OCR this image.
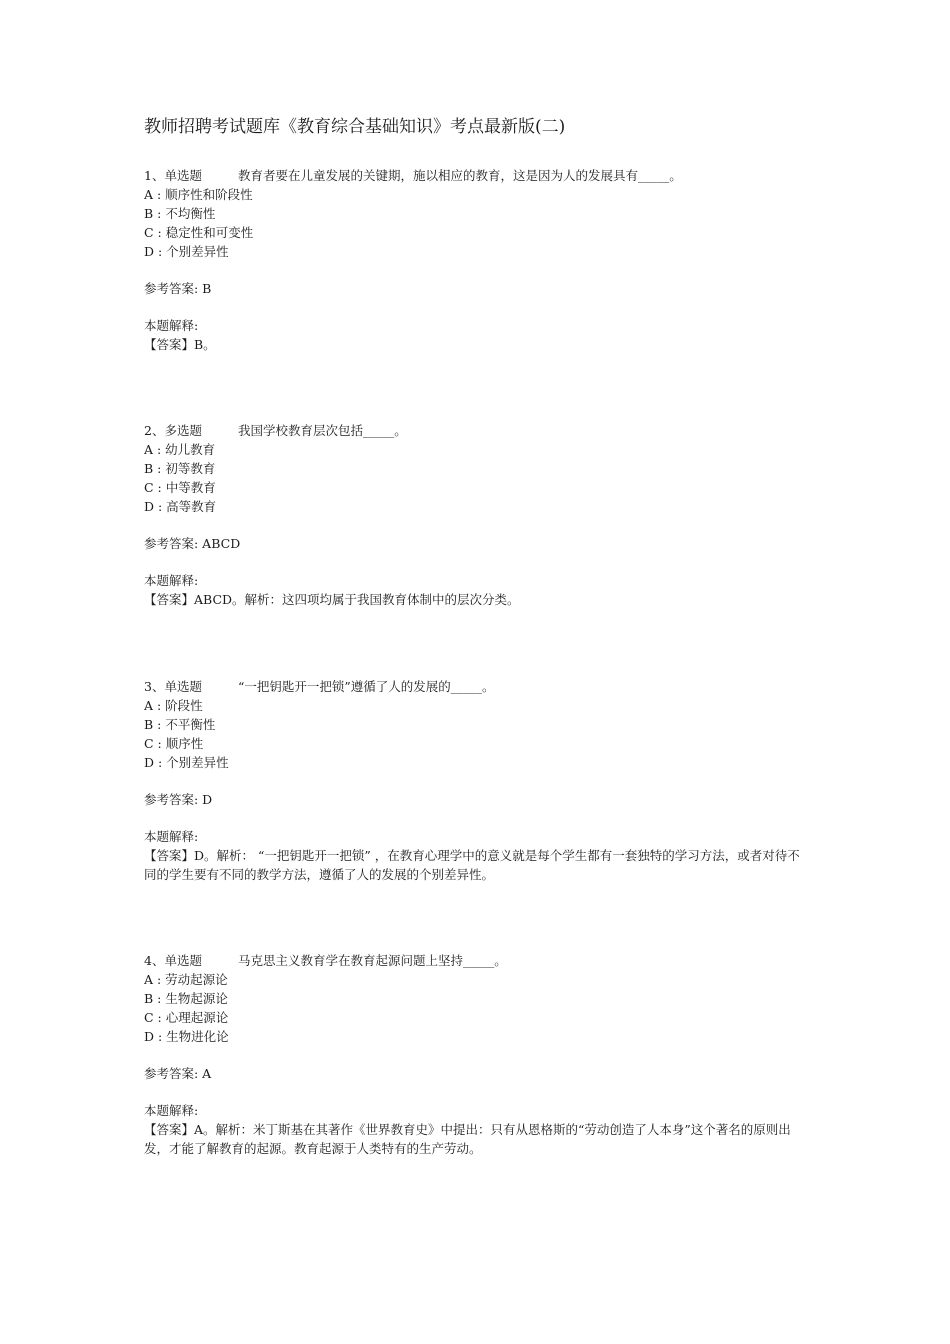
教师招聘考试题库《教育综合基础知识》考点最新版(二)
1、单选题	教育者要在儿童发展的关键期，施以相应的教育，这是因为人的发展具有_____。
A : 顺序性和阶段性
B : 不均衡性
C : 稳定性和可变性
D : 个别差异性
参考答案: B
本题解释:
【答案】B。
2、多选题	我国学校教育层次包括_____。
A : 幼儿教育
B : 初等教育
C : 中等教育
D : 高等教育
参考答案: ABCD
本题解释:
【答案】ABCD。解析：这四项均属于我国教育体制中的层次分类。
3、单选题	“一把钥匙开一把锁”遵循了人的发展的_____。
A : 阶段性
B : 不平衡性
C : 顺序性
D : 个别差异性
参考答案: D
本题解释:
【答案】D。解析： “一把钥匙开一把锁” ，在教育心理学中的意义就是每个学生都有一套独特的学习方法，或者对待不同的学生要有不同的教学方法，遵循了人的发展的个别差异性。
4、单选题	马克思主义教育学在教育起源问题上坚持_____。
A : 劳动起源论
B : 生物起源论
C : 心理起源论
D : 生物进化论
参考答案: A
本题解释:
【答案】A。解析：米丁斯基在其著作《世界教育史》中提出：只有从恩格斯的“劳动创造了人本身”这个著名的原则出发，才能了解教育的起源。教育起源于人类特有的生产劳动。
